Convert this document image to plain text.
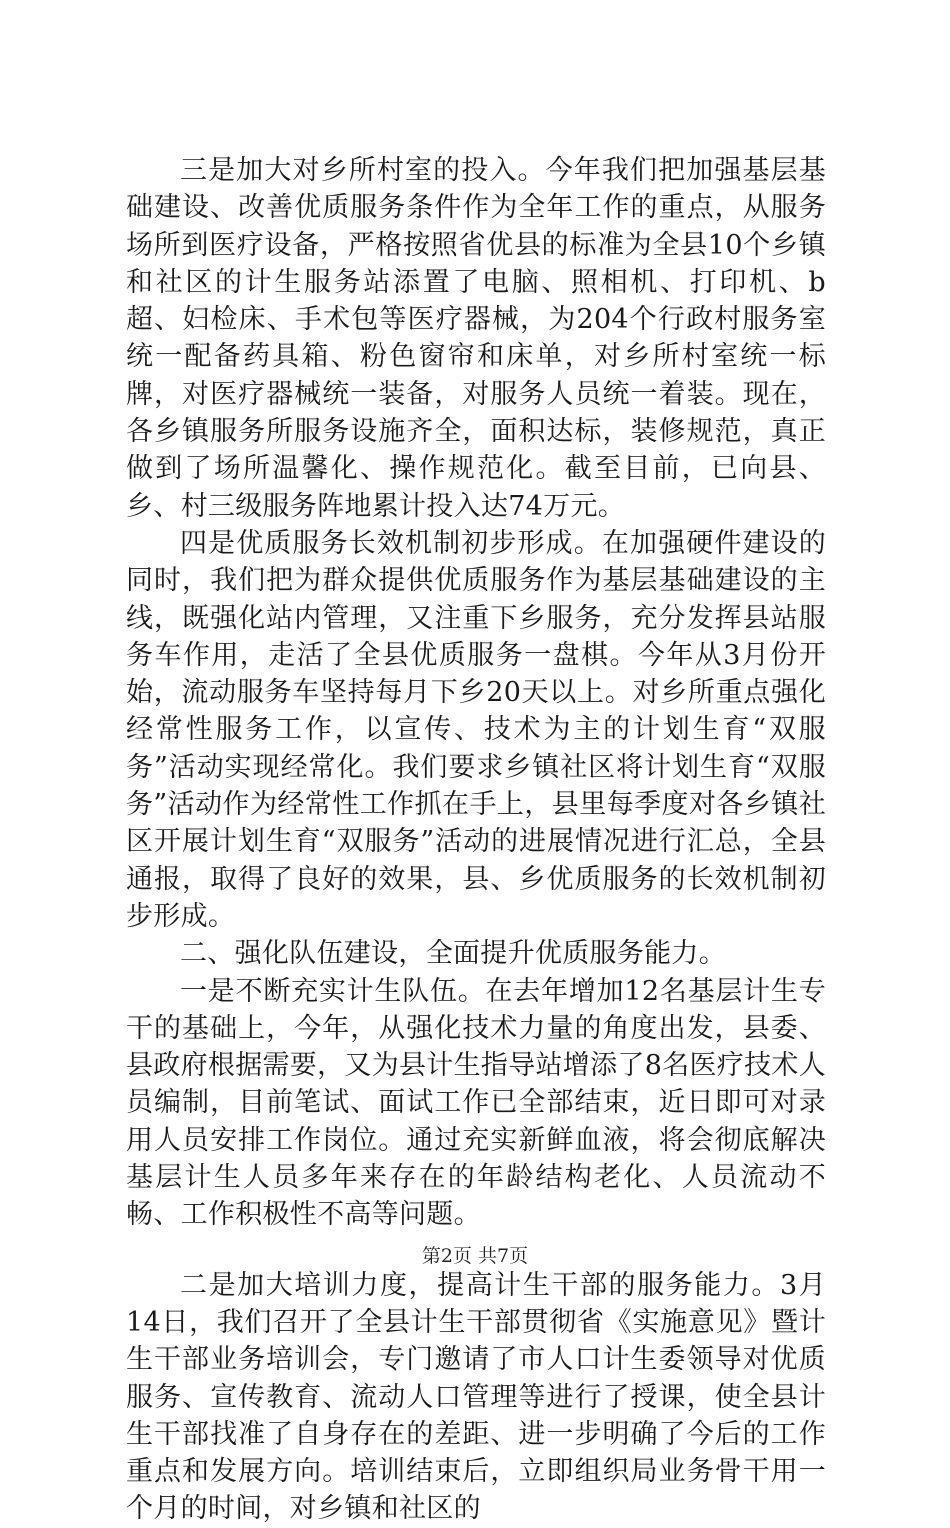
三是加大对乡所村室的投入。今年我们把加强基层基础建设、改善优质服务条件作为全年工作的重点，从服务场所到医疗设备，严格按照省优县的标准为全县10个乡镇和社区的计生服务站添置了电脑、照相机、打印机、b超、妇检床、手术包等医疗器械，为204个行政村服务室统一配备药具箱、粉色窗帘和床单，对乡所村室统一标牌，对医疗器械统一装备，对服务人员统一着装。现在，各乡镇服务所服务设施齐全，面积达标，装修规范，真正做到了场所温馨化、操作规范化。截至目前，已向县、乡、村三级服务阵地累计投入达74万元。

四是优质服务长效机制初步形成。在加强硬件建设的同时，我们把为群众提供优质服务作为基层基础建设的主线，既强化站内管理，又注重下乡服务，充分发挥县站服务车作用，走活了全县优质服务一盘棋。今年从3月份开始，流动服务车坚持每月下乡20天以上。对乡所重点强化经常性服务工作，以宣传、技术为主的计划生育“双服务”活动实现经常化。我们要求乡镇社区将计划生育“双服务”活动作为经常性工作抓在手上，县里每季度对各乡镇社区开展计划生育“双服务”活动的进展情况进行汇总，全县通报，取得了良好的效果，县、乡优质服务的长效机制初步形成。

二、强化队伍建设，全面提升优质服务能力。

一是不断充实计生队伍。在去年增加12名基层计生专干的基础上，今年，从强化技术力量的角度出发，县委、县政府根据需要，又为县计生指导站增添了8名医疗技术人员编制，目前笔试、面试工作已全部结束，近日即可对录用人员安排工作岗位。通过充实新鲜血液，将会彻底解决基层计生人员多年来存在的年龄结构老化、人员流动不畅、工作积极性不高等问题。

二是加大培训力度，提高计生干部的服务能力。3月14日，我们召开了全县计生干部贯彻省《实施意见》暨计生干部业务培训会，专门邀请了市人口计生委领导对优质服务、宣传教育、流动人口管理等进行了授课，使全县计生干部找准了自身存在的差距、进一步明确了今后的工作重点和发展方向。培训结束后，立即组织局业务骨干用一个月的时间，对乡镇和社区的

第2页 共7页
